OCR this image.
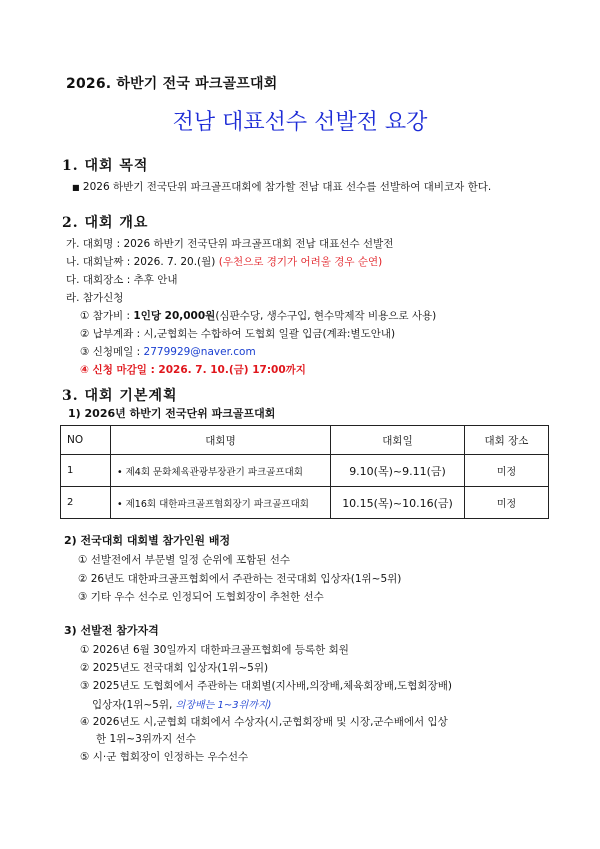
2026. 하반기 전국 파크골프대회
전남 대표선수 선발전 요강
1. 대회 목적
■ 2026 하반기 전국단위 파크골프대회에 참가할 전남 대표 선수를 선발하여 대비코자 한다.
2. 대회 개요
가. 대회명 : 2026 하반기 전국단위 파크골프대회 전남 대표선수 선발전
나. 대회날짜 : 2026. 7. 20.(월) (우천으로 경기가 어려울 경우 순연)
다. 대회장소 : 추후 안내
라. 참가신청
① 참가비 : 1인당 20,000원(심판수당, 생수구입, 현수막제작 비용으로 사용)
② 납부계좌 : 시,군협회는 수합하여 도협회 일괄 입금(계좌:별도안내)
③ 신청메일 : 2779929@naver.com
④ 신청 마감일 : 2026. 7. 10.(금) 17:00까지
3. 대회 기본계획
1) 2026년 하반기 전국단위 파크골프대회
NO	대회명	대회일	대회 장소
1	• 제4회 문화체육관광부장관기 파크골프대회	9.10(목)~9.11(금)	미정
2	• 제16회 대한파크골프협회장기 파크골프대회	10.15(목)~10.16(금)	미정
2) 전국대회 대회별 참가인원 배정
① 선발전에서 부문별 일정 순위에 포함된 선수
② 26년도 대한파크골프협회에서 주관하는 전국대회 입상자(1위~5위)
③ 기타 우수 선수로 인정되어 도협회장이 추천한 선수
3) 선발전 참가자격
① 2026년 6월 30일까지 대한파크골프협회에 등록한 회원
② 2025년도 전국대회 입상자(1위~5위)
③ 2025년도 도협회에서 주관하는 대회별(지사배,의장배,체육회장배,도협회장배)
입상자(1위~5위, 의장배는 1~3위까지)
④ 2026년도 시,군협회 대회에서 수상자(시,군협회장배 및 시장,군수배에서 입상
한 1위~3위까지 선수
⑤ 시·군 협회장이 인정하는 우수선수
